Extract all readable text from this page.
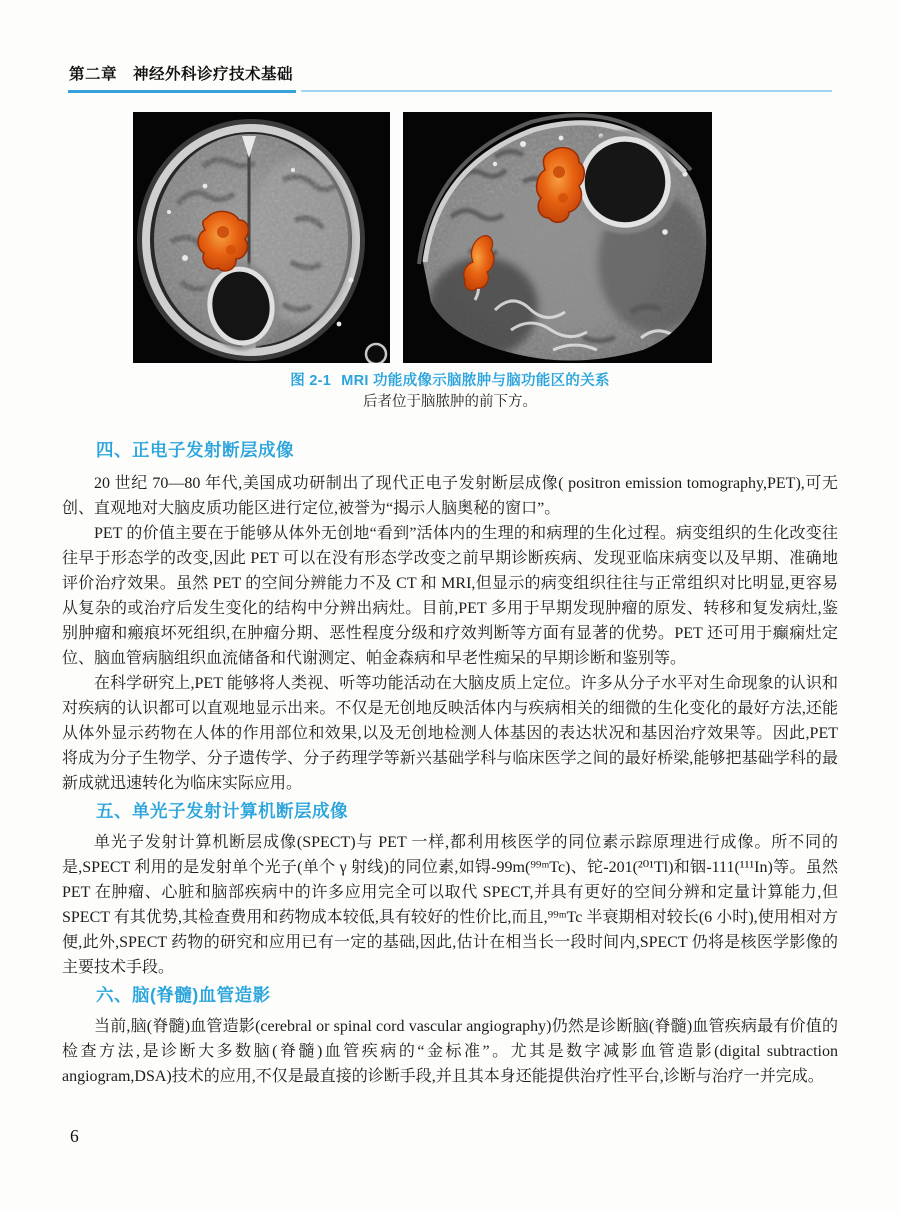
第二章 神经外科诊疗技术基础
图 2-1 MRI 功能成像示脑脓肿与脑功能区的关系
后者位于脑脓肿的前下方。
四、正电子发射断层成像

20 世纪 70—80 年代,美国成功研制出了现代正电子发射断层成像( positron emission tomography,PET),可无创、直观地对大脑皮质功能区进行定位,被誉为“揭示人脑奥秘的窗口”。

PET 的价值主要在于能够从体外无创地“看到”活体内的生理的和病理的生化过程。病变组织的生化改变往往早于形态学的改变,因此 PET 可以在没有形态学改变之前早期诊断疾病、发现亚临床病变以及早期、准确地评价治疗效果。虽然 PET 的空间分辨能力不及 CT 和 MRI,但显示的病变组织往往与正常组织对比明显,更容易从复杂的或治疗后发生变化的结构中分辨出病灶。目前,PET 多用于早期发现肿瘤的原发、转移和复发病灶,鉴别肿瘤和瘢痕坏死组织,在肿瘤分期、恶性程度分级和疗效判断等方面有显著的优势。PET 还可用于癫痫灶定位、脑血管病脑组织血流储备和代谢测定、帕金森病和早老性痴呆的早期诊断和鉴别等。

在科学研究上,PET 能够将人类视、听等功能活动在大脑皮质上定位。许多从分子水平对生命现象的认识和对疾病的认识都可以直观地显示出来。不仅是无创地反映活体内与疾病相关的细微的生化变化的最好方法,还能从体外显示药物在人体的作用部位和效果,以及无创地检测人体基因的表达状况和基因治疗效果等。因此,PET 将成为分子生物学、分子遗传学、分子药理学等新兴基础学科与临床医学之间的最好桥梁,能够把基础学科的最新成就迅速转化为临床实际应用。

五、单光子发射计算机断层成像

单光子发射计算机断层成像(SPECT)与 PET 一样,都利用核医学的同位素示踪原理进行成像。所不同的是,SPECT 利用的是发射单个光子(单个 γ 射线)的同位素,如锝-99m(⁹⁹ᵐTc)、铊-201(²⁰¹Tl)和铟-111(¹¹¹In)等。虽然 PET 在肿瘤、心脏和脑部疾病中的许多应用完全可以取代 SPECT,并具有更好的空间分辨和定量计算能力,但 SPECT 有其优势,其检查费用和药物成本较低,具有较好的性价比,而且,⁹⁹ᵐTc 半衰期相对较长(6 小时),使用相对方便,此外,SPECT 药物的研究和应用已有一定的基础,因此,估计在相当长一段时间内,SPECT 仍将是核医学影像的主要技术手段。

六、脑(脊髓)血管造影

当前,脑(脊髓)血管造影(cerebral or spinal cord vascular angiography)仍然是诊断脑(脊髓)血管疾病最有价值的检查方法,是诊断大多数脑(脊髓)血管疾病的“金标准”。尤其是数字减影血管造影(digital subtraction angiogram,DSA)技术的应用,不仅是最直接的诊断手段,并且其本身还能提供治疗性平台,诊断与治疗一并完成。

6
